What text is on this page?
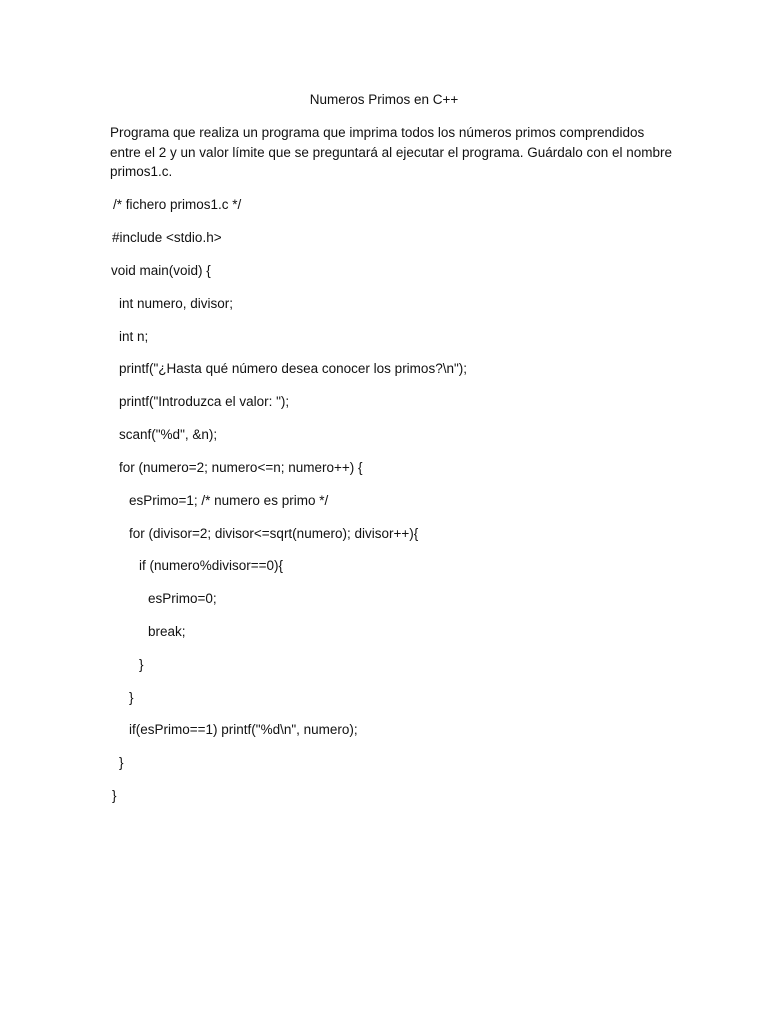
Numeros Primos en C++
Programa que realiza un programa que imprima todos los números primos comprendidos
entre el 2 y un valor límite que se preguntará al ejecutar el programa. Guárdalo con el nombre
primos1.c.
/* fichero primos1.c */
#include <stdio.h>
void main(void) {
int numero, divisor;
int n;
printf("¿Hasta qué número desea conocer los primos?\n");
printf("Introduzca el valor: ");
scanf("%d", &n);
for (numero=2; numero<=n; numero++) {
esPrimo=1; /* numero es primo */
for (divisor=2; divisor<=sqrt(numero); divisor++){
if (numero%divisor==0){
esPrimo=0;
break;
}
}
if(esPrimo==1) printf("%d\n", numero);
}
}
